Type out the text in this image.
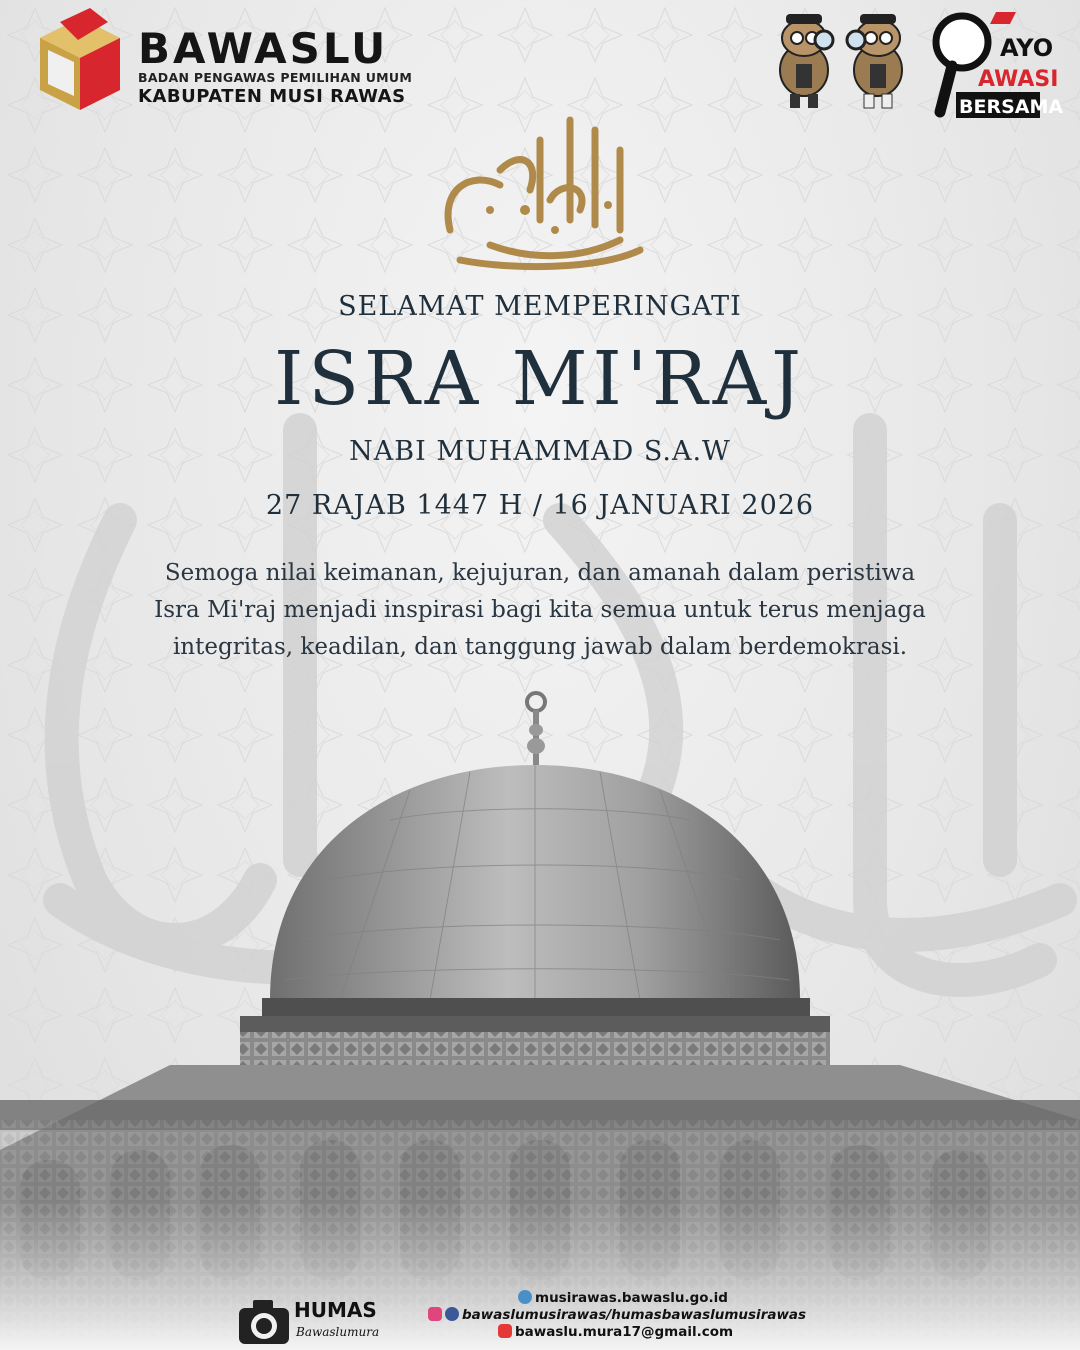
BAWASLU
BADAN PENGAWAS PEMILIHAN UMUM
KABUPATEN MUSI RAWAS
AYO
AWASI
BERSAMA
SELAMAT MEMPERINGATI
ISRA MI'RAJ
NABI MUHAMMAD S.A.W
27 RAJAB 1447 H / 16 JANUARI 2026
Semoga nilai keimanan, kejujuran, dan amanah dalam peristiwa
Isra Mi'raj menjadi inspirasi bagi kita semua untuk terus menjaga
integritas, keadilan, dan tanggung jawab dalam berdemokrasi.
HUMAS
Bawaslumura
musirawas.bawaslu.go.id
bawaslumusirawas/humasbawaslumusirawas
bawaslu.mura17@gmail.com
